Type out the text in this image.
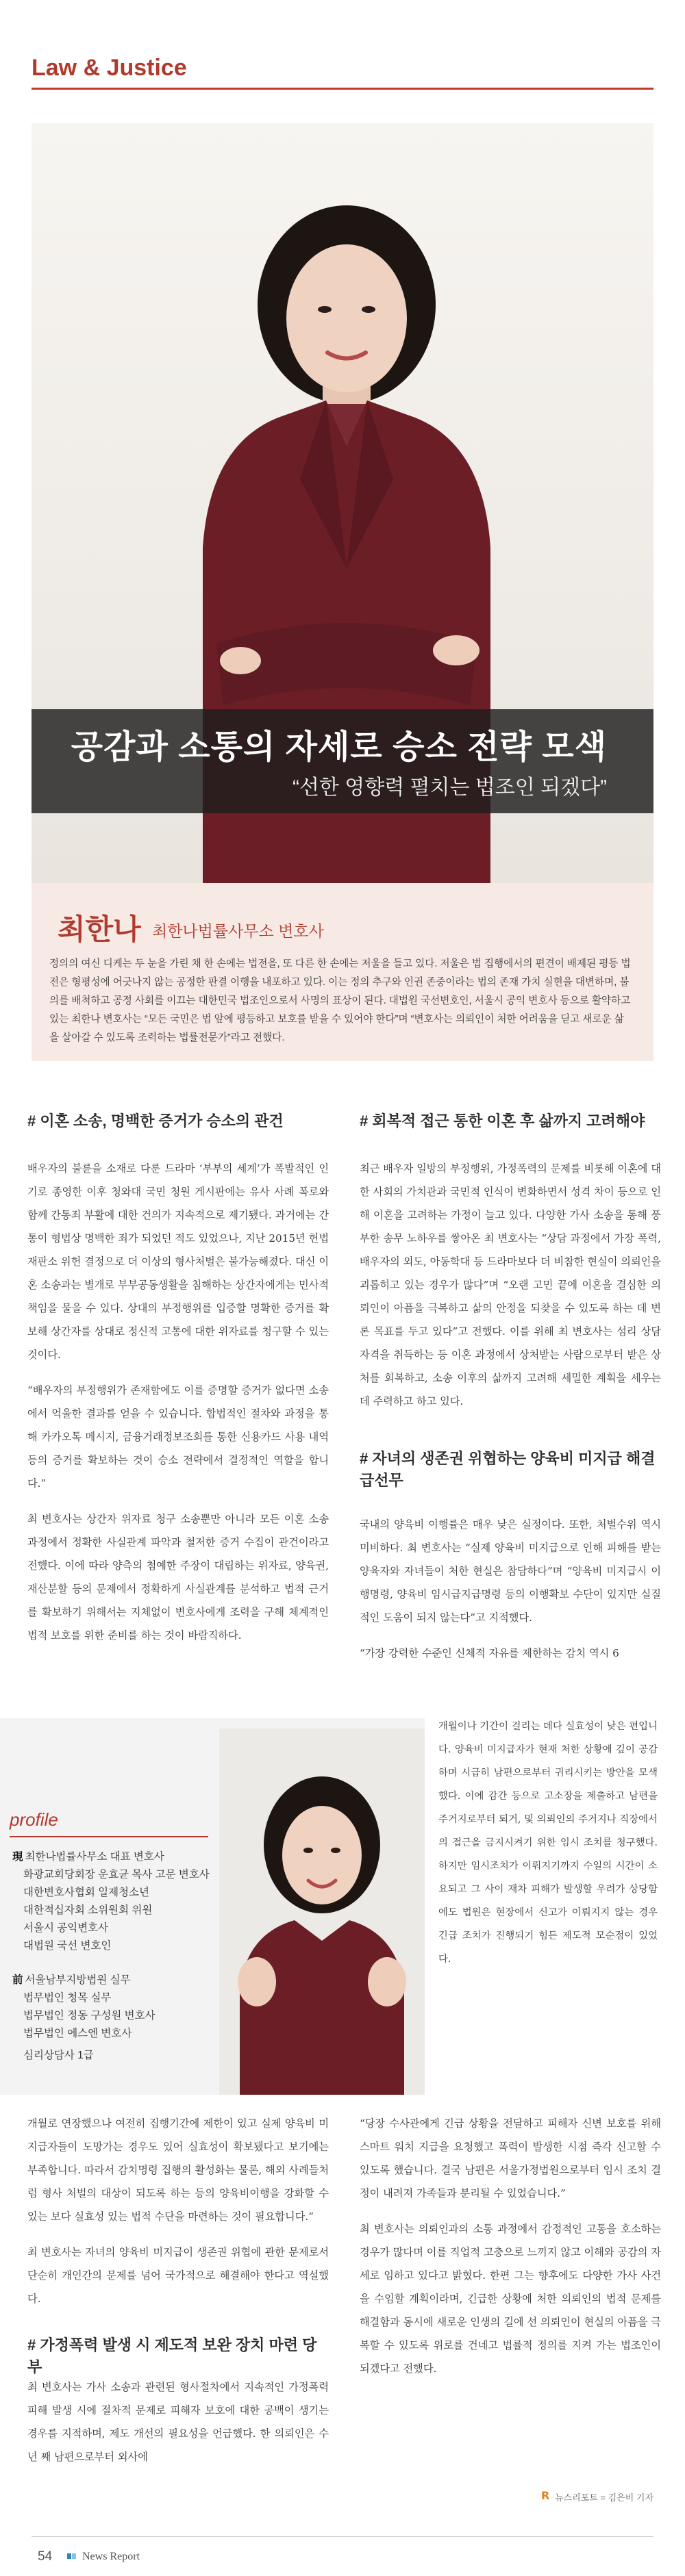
Law & Justice
공감과 소통의 자세로 승소 전략 모색
“선한 영향력 펼치는 법조인 되겠다”
최한나 최한나법률사무소 변호사
정의의 여신 디케는 두 눈을 가린 채 한 손에는 법전을, 또 다른 한 손에는 저울을 들고 있다. 저울은 법 집행에서의 편견이 배제된 평등 법전은 형평성에 어긋나지 않는 공정한 판결 이행을 내포하고 있다. 이는 정의 추구와 인권 존중이라는 법의 존재 가치 실현을 대변하며, 불의를 배척하고 공정 사회를 이끄는 대한민국 법조인으로서 사명의 표상이 된다. 대법원 국선변호인, 서울시 공익 변호사 등으로 활약하고 있는 최한나 변호사는 “모든 국민은 법 앞에 평등하고 보호를 받을 수 있어야 한다”며 “변호사는 의뢰인이 처한 어려움을 딛고 새로운 삶을 살아갈 수 있도록 조력하는 법률전문가”라고 전했다.
# 이혼 소송, 명백한 증거가 승소의 관건

배우자의 불륜을 소재로 다룬 드라마 ‘부부의 세계’가 폭발적인 인기로 종영한 이후 청와대 국민 청원 게시판에는 유사 사례 폭로와 함께 간통죄 부활에 대한 건의가 지속적으로 제기됐다. 과거에는 간통이 형법상 명백한 죄가 되었던 적도 있었으나, 지난 2015년 헌법재판소 위헌 결정으로 더 이상의 형사처벌은 불가능해졌다. 대신 이혼 소송과는 별개로 부부공동생활을 침해하는 상간자에게는 민사적 책임을 물을 수 있다. 상대의 부정행위를 입증할 명확한 증거를 확보해 상간자를 상대로 정신적 고통에 대한 위자료를 청구할 수 있는 것이다.

“배우자의 부정행위가 존재함에도 이를 증명할 증거가 없다면 소송에서 억울한 결과를 얻을 수 있습니다. 합법적인 절차와 과정을 통해 카카오톡 메시지, 금융거래정보조회를 통한 신용카드 사용 내역 등의 증거를 확보하는 것이 승소 전략에서 결정적인 역할을 합니다.”

최 변호사는 상간자 위자료 청구 소송뿐만 아니라 모든 이혼 소송 과정에서 정확한 사실관계 파악과 철저한 증거 수집이 관건이라고 전했다. 이에 따라 양측의 첨예한 주장이 대립하는 위자료, 양육권, 재산분할 등의 문제에서 정확하게 사실관계를 분석하고 법적 근거를 확보하기 위해서는 지체없이 변호사에게 조력을 구해 체계적인 법적 보호를 위한 준비를 하는 것이 바람직하다.

# 회복적 접근 통한 이혼 후 삶까지 고려해야

최근 배우자 일방의 부정행위, 가정폭력의 문제를 비롯해 이혼에 대한 사회의 가치관과 국민적 인식이 변화하면서 성격 차이 등으로 인해 이혼을 고려하는 가정이 늘고 있다. 다양한 가사 소송을 통해 풍부한 송무 노하우를 쌓아온 최 변호사는 “상담 과정에서 가장 폭력, 배우자의 외도, 아동학대 등 드라마보다 더 비참한 현실이 의뢰인을 괴롭히고 있는 경우가 많다”며 “오랜 고민 끝에 이혼을 결심한 의뢰인이 아픔을 극복하고 삶의 안정을 되찾을 수 있도록 하는 데 변론 목표를 두고 있다”고 전했다. 이를 위해 최 변호사는 섬리 상담 자격을 취득하는 등 이혼 과정에서 상처받는 사람으로부터 받은 상처를 회복하고, 소송 이후의 삶까지 고려해 세밀한 계획을 세우는 데 주력하고 하고 있다.

# 자녀의 생존권 위협하는 양육비 미지급 해결 급선무

국내의 양육비 이행률은 매우 낮은 실정이다. 또한, 처벌수위 역시 미비하다. 최 변호사는 “실제 양육비 미지급으로 인해 피해를 받는 양육자와 자녀들이 처한 현실은 참담하다”며 “양육비 미지급시 이행명령, 양육비 임시급지급명령 등의 이행확보 수단이 있지만 실질적인 도움이 되지 않는다”고 지적했다.

“가장 강력한 수준인 신체적 자유를 제한하는 감치 역시 6

profile
現 최한나법률사무소 대표 변호사
화광교회당회장 운효균 목사 고문 변호사
대한변호사협회 일제청소년
대한적십자회 소위원회 위원
서울시 공익변호사
대법원 국선 변호인
前 서울남부지방법원 실무
법무법인 청목 실무
법무법인 정동 구성원 변호사
법무법인 에스엔 변호사
심리상담사 1급

개월이나 기간이 걸리는 데다 실효성이 낮은 편입니다. 양육비 미지급자가 현재 처한 상황에 깊이 공감하며 시급히 남편으로부터 귀리시키는 방안을 모색했다. 이에 감간 등으로 고소장을 제출하고 남편을 주거지로부터 퇴거, 및 의뢰인의 주거지나 직장에서의 접근을 금지시켜기 위한 임시 조치를 청구했다. 하지만 임시조치가 이뤄지기까지 수일의 시간이 소요되고 그 사이 재차 피해가 발생할 우려가 상당함에도 법원은 현장에서 신고가 이뤄지지 않는 경우 긴급 조치가 진행되기 힘든 제도적 모순점이 있었다.

개월로 연장했으나 여전히 집행기간에 제한이 있고 실제 양육비 미지급자들이 도망가는 경우도 있어 실효성이 확보됐다고 보기에는 부족합니다. 따라서 감치명령 집행의 활성화는 물론, 해외 사례들처럼 형사 처벌의 대상이 되도록 하는 등의 양육비이행을 강화할 수 있는 보다 실효성 있는 법적 수단을 마련하는 것이 필요합니다.”

최 변호사는 자녀의 양육비 미지급이 생존권 위협에 관한 문제로서 단순히 개인간의 문제를 넘어 국가적으로 해결해야 한다고 역설했다.

# 가정폭력 발생 시 제도적 보완 장치 마련 당부

최 변호사는 가사 소송과 관련된 형사절차에서 지속적인 가정폭력 피해 발생 시에 절차적 문제로 피해자 보호에 대한 공백이 생기는 경우를 지적하며, 제도 개선의 필요성을 언급했다. 한 의뢰인은 수년 째 남편으로부터 외사에

“당장 수사관에게 긴급 상황을 전달하고 피해자 신변 보호를 위해 스마트 워치 지급을 요청했고 폭력이 발생한 시점 즉각 신고할 수 있도록 했습니다. 결국 남편은 서울가정법원으로부터 임시 조치 결정이 내려져 가족들과 분리될 수 있었습니다.”

최 변호사는 의뢰인과의 소통 과정에서 감정적인 고통을 호소하는 경우가 많다며 이를 직업적 고충으로 느끼지 않고 이해와 공감의 자세로 임하고 있다고 밝혔다. 한편 그는 향후에도 다양한 가사 사건을 수임할 계획이라며, 긴급한 상황에 처한 의뢰인의 법적 문제를 해결함과 동시에 새로운 인생의 길에 선 의뢰인이 현실의 아픔을 극복할 수 있도록 위로를 건네고 법률적 정의를 지켜 가는 법조인이 되겠다고 전했다.

R 뉴스리포트 = 김은비 기자
54	News Report
